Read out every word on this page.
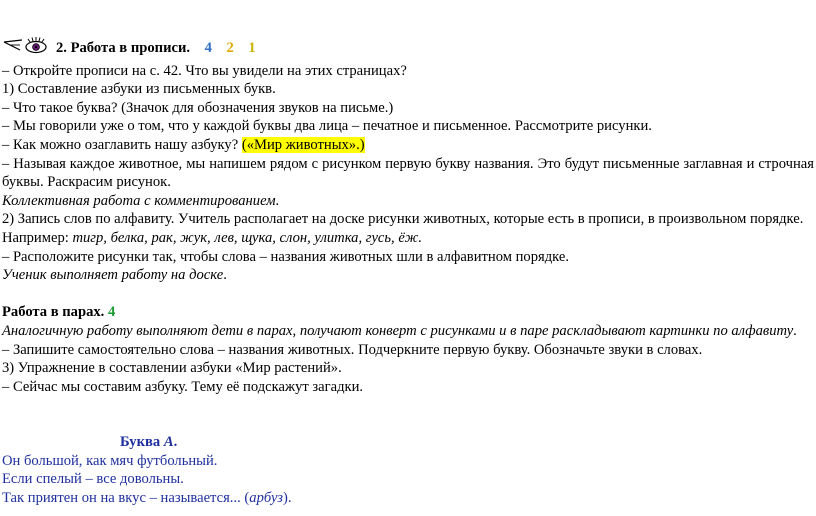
2. Работа в прописи. 4 2 1
– Откройте прописи на с. 42. Что вы увидели на этих страницах?
1) Составление азбуки из письменных букв.
– Что такое буква? (Значок для обозначения звуков на письме.)
– Мы говорили уже о том, что у каждой буквы два лица – печатное и письменное. Рассмотрите рисунки.
– Как можно озаглавить нашу азбуку? («Мир животных».)
– Называя каждое животное, мы напишем рядом с рисунком первую букву названия. Это будут письменные заглавная и строчная буквы. Раскрасим рисунок.
Коллективная работа с комментированием.
2) Запись слов по алфавиту. Учитель располагает на доске рисунки животных, которые есть в прописи, в произвольном порядке.
Например: тигр, белка, рак, жук, лев, щука, слон, улитка, гусь, ёж.
– Расположите рисунки так, чтобы слова – названия животных шли в алфавитном порядке.
Ученик выполняет работу на доске.
Работа в парах. 4
Аналогичную работу выполняют дети в парах, получают конверт с рисунками и в паре раскладывают картинки по алфавиту.
– Запишите самостоятельно слова – названия животных. Подчеркните первую букву. Обозначьте звуки в словах.
3) Упражнение в составлении азбуки «Мир растений».
– Сейчас мы составим азбуку. Тему её подскажут загадки.
Буква А.
Он большой, как мяч футбольный.
Если спелый – все довольны.
Так приятен он на вкус – называется... (арбуз).
